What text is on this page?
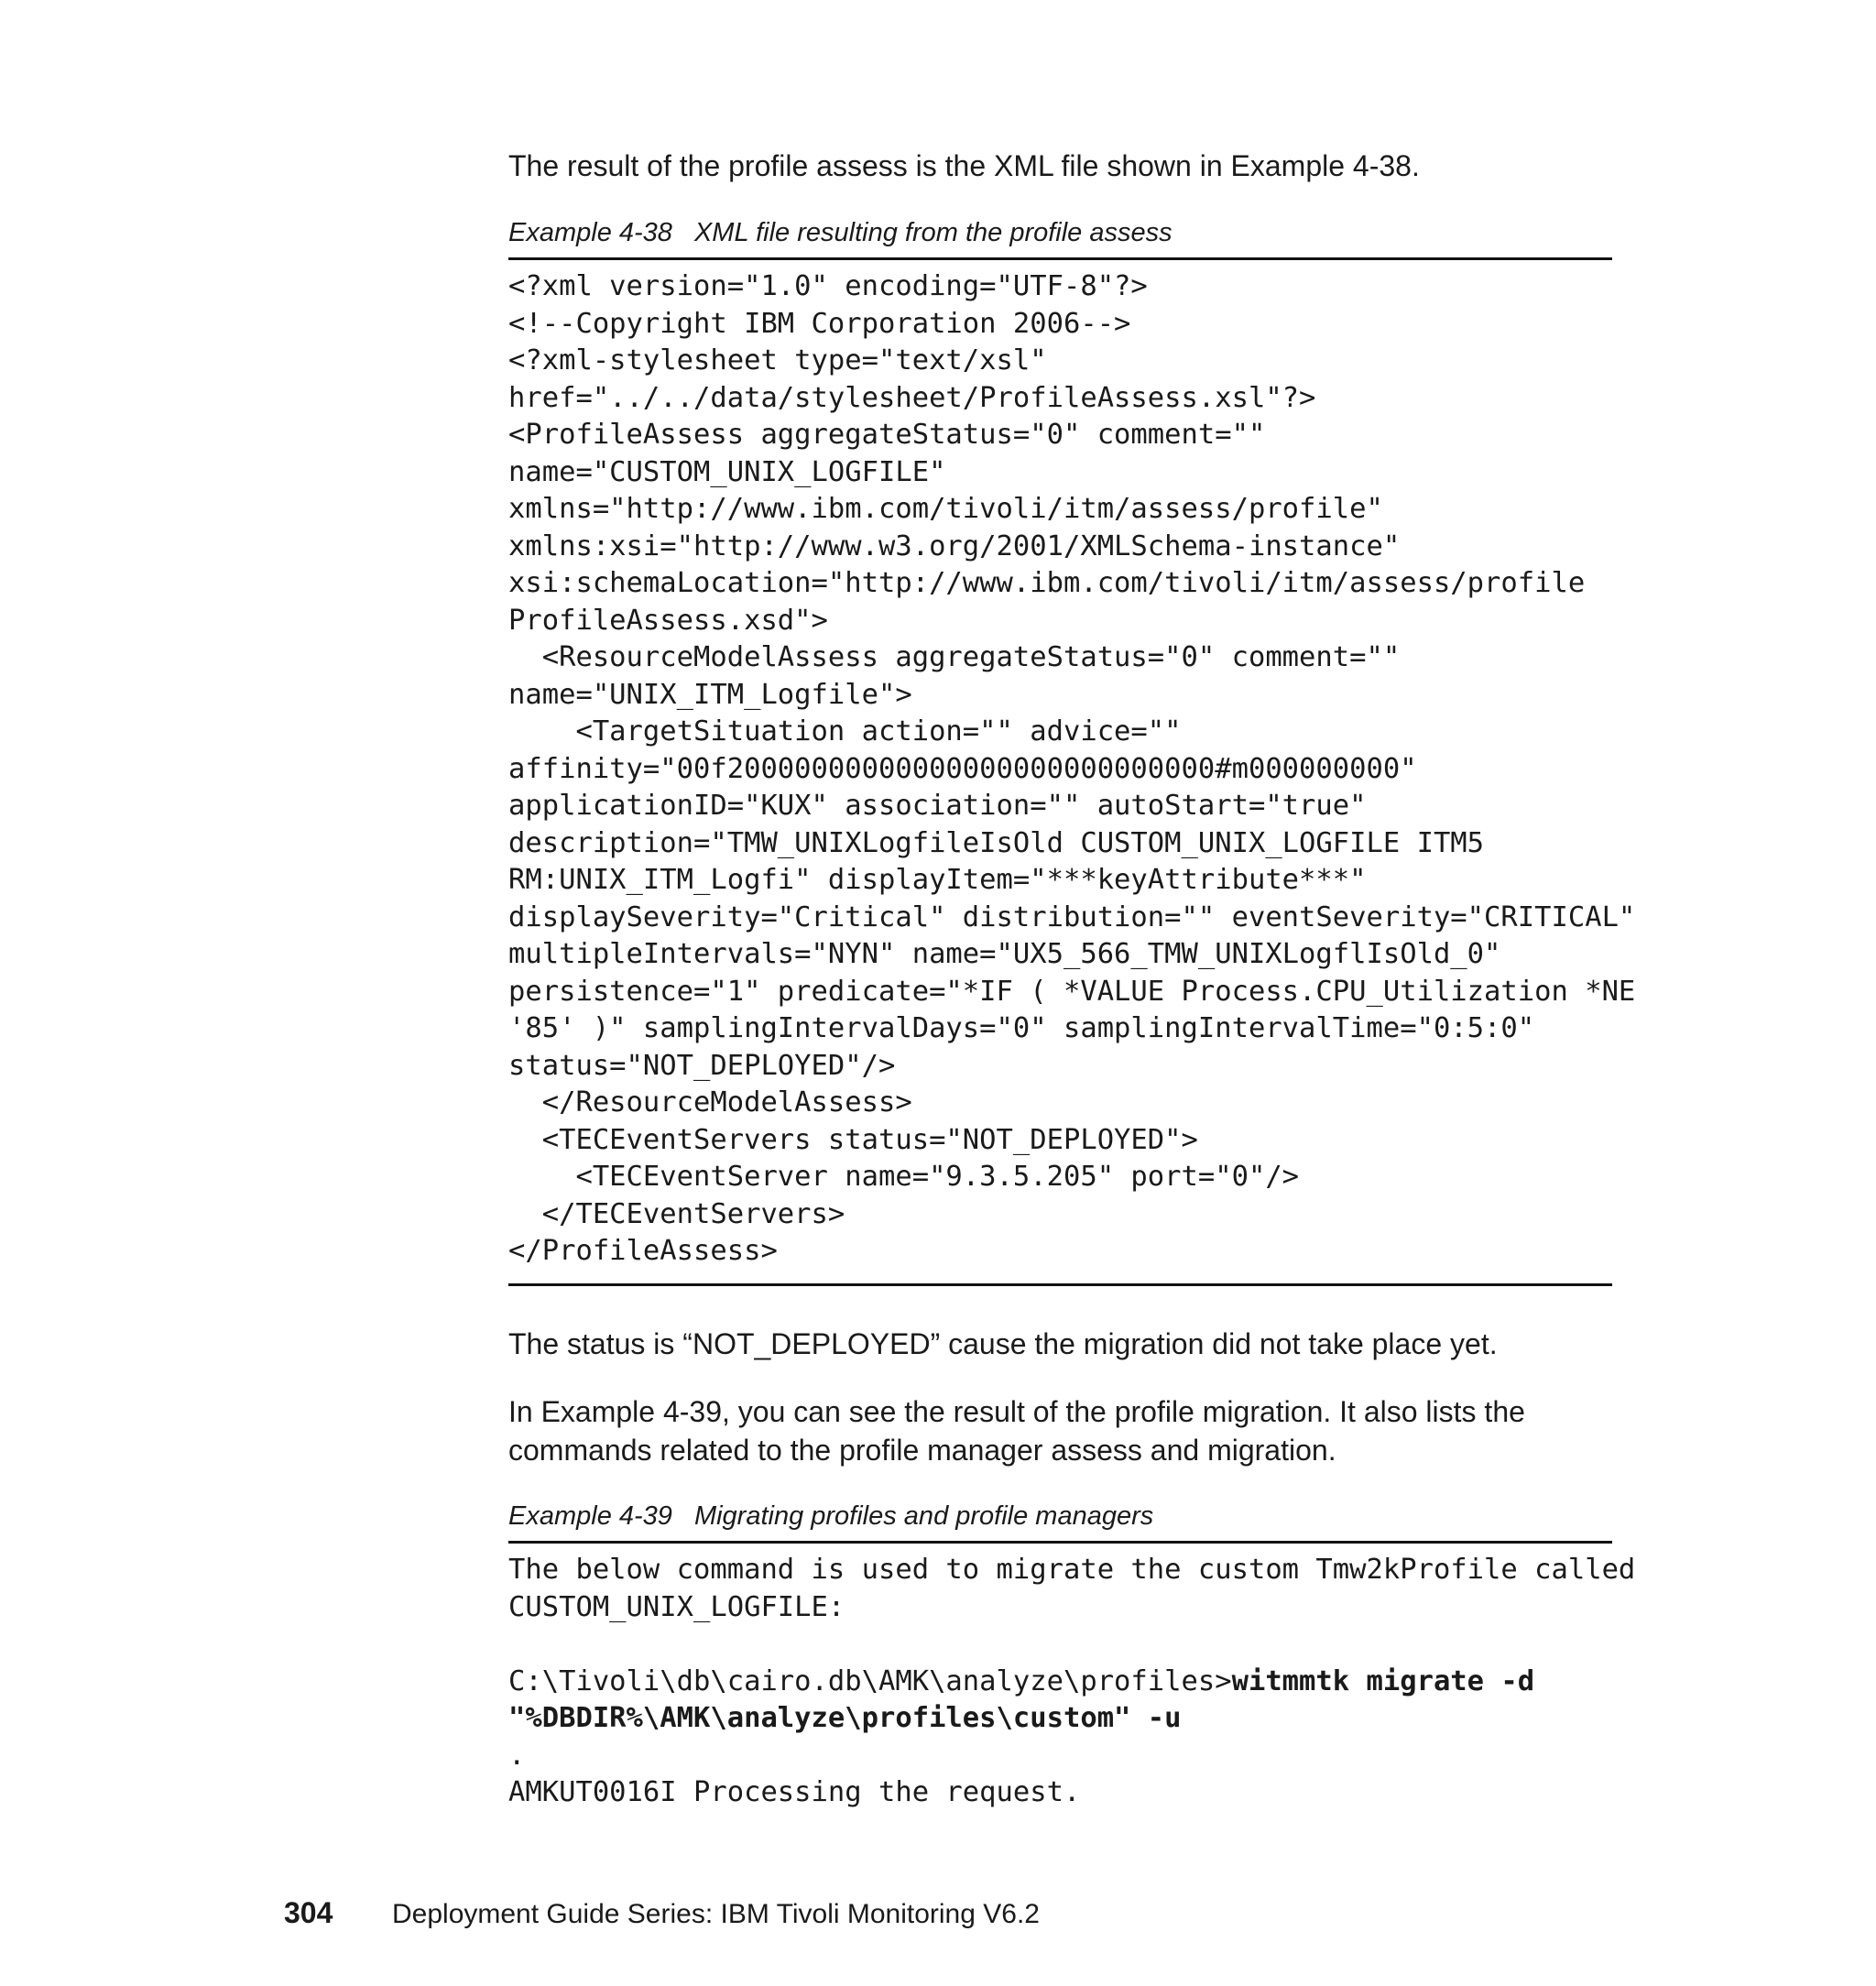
The result of the profile assess is the XML file shown in Example 4-38.

Example 4-38 XML file resulting from the profile assess

<?xml version="1.0" encoding="UTF-8"?>
<!--Copyright IBM Corporation 2006-->
<?xml-stylesheet type="text/xsl"
href="../../data/stylesheet/ProfileAssess.xsl"?>
<ProfileAssess aggregateStatus="0" comment=""
name="CUSTOM_UNIX_LOGFILE"
xmlns="http://www.ibm.com/tivoli/itm/assess/profile"
xmlns:xsi="http://www.w3.org/2001/XMLSchema-instance"
xsi:schemaLocation="http://www.ibm.com/tivoli/itm/assess/profile
ProfileAssess.xsd">
<ResourceModelAssess aggregateStatus="0" comment=""
name="UNIX_ITM_Logfile">
<TargetSituation action="" advice=""
affinity="00f20000000000000000000000000000#m000000000"
applicationID="KUX" association="" autoStart="true"
description="TMW_UNIXLogfileIsOld CUSTOM_UNIX_LOGFILE ITM5
RM:UNIX_ITM_Logfi" displayItem="***keyAttribute***"
displaySeverity="Critical" distribution="" eventSeverity="CRITICAL"
multipleIntervals="NYN" name="UX5_566_TMW_UNIXLogflIsOld_0"
persistence="1" predicate="*IF ( *VALUE Process.CPU_Utilization *NE
'85' )" samplingIntervalDays="0" samplingIntervalTime="0:5:0"
status="NOT_DEPLOYED"/>
</ResourceModelAssess>
<TECEventServers status="NOT_DEPLOYED">
<TECEventServer name="9.3.5.205" port="0"/>
</TECEventServers>
</ProfileAssess>

The status is “NOT_DEPLOYED” cause the migration did not take place yet.

In Example 4-39, you can see the result of the profile migration. It also lists the commands related to the profile manager assess and migration.

Example 4-39 Migrating profiles and profile managers

The below command is used to migrate the custom Tmw2kProfile called
CUSTOM_UNIX_LOGFILE:
C:\Tivoli\db\cairo.db\AMK\analyze\profiles>witmmtk migrate -d
"%DBDIR%\AMK\analyze\profiles\custom" -u
.
AMKUT0016I Processing the request.
304 Deployment Guide Series: IBM Tivoli Monitoring V6.2
